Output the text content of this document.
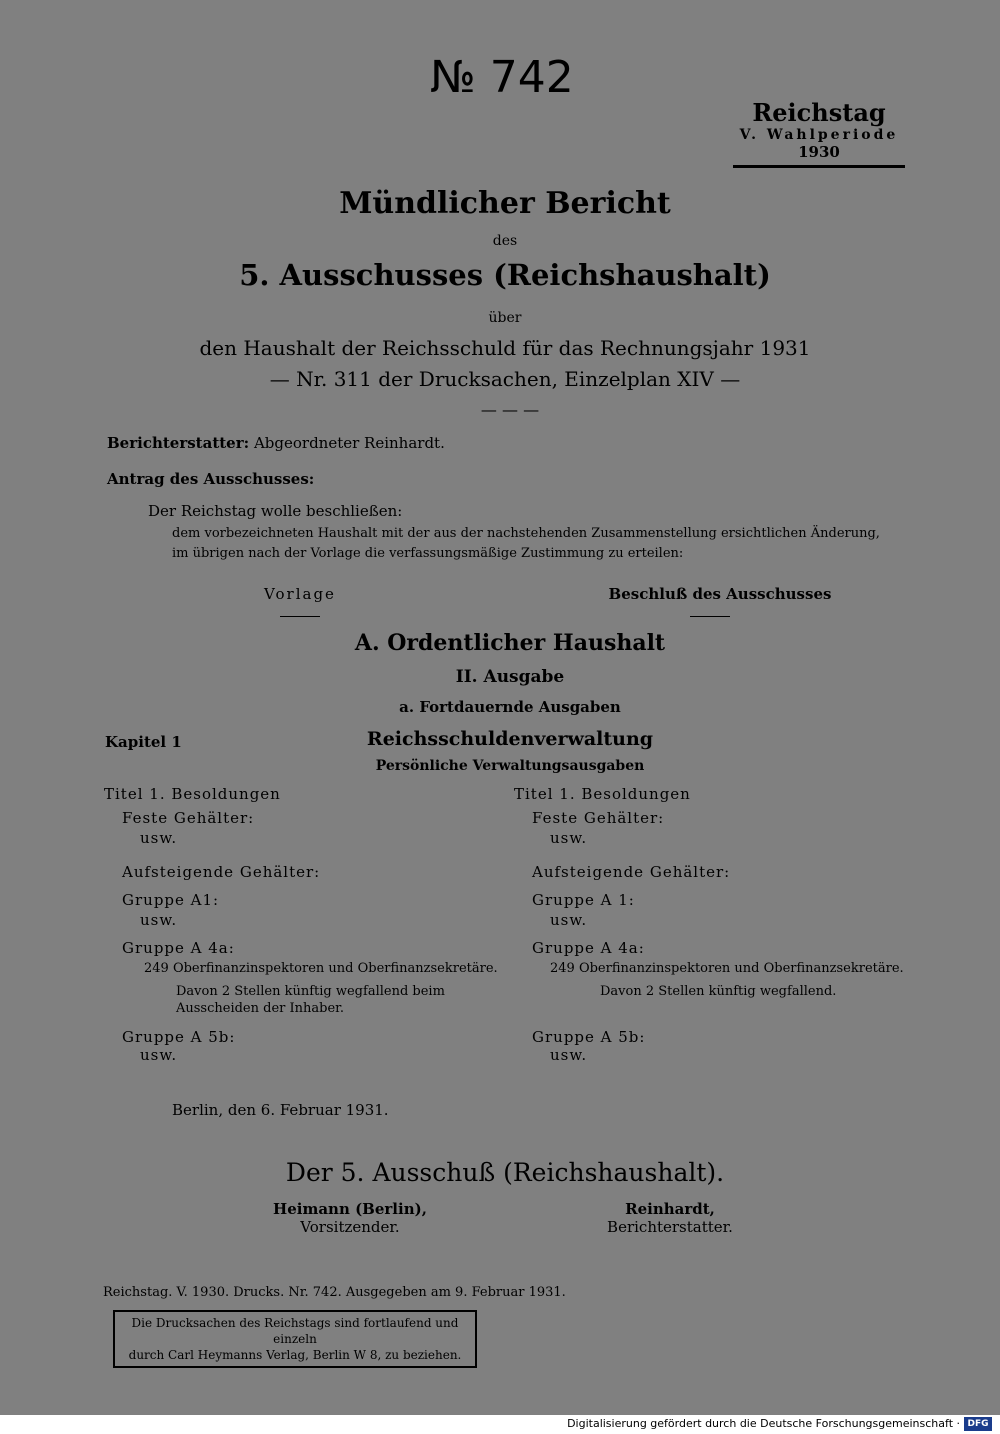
№ 742
Reichstag
V. Wahlperiode
1930
Mündlicher Bericht
des
5. Ausschusses (Reichshaushalt)
über
den Haushalt der Reichsschuld für das Rechnungsjahr 1931
— Nr. 311 der Drucksachen, Einzelplan XIV —
— — —
Berichterstatter: Abgeordneter Reinhardt.
Antrag des Ausschusses:
Der Reichstag wolle beschließen:
dem vorbezeichneten Haushalt mit der aus der nachstehenden Zusammenstellung ersichtlichen Änderung,
im übrigen nach der Vorlage die verfassungsmäßige Zustimmung zu erteilen:
Vorlage	Beschluß des Ausschusses
A. Ordentlicher Haushalt
II. Ausgabe
a. Fortdauernde Ausgaben
Kapitel 1	Reichsschuldenverwaltung
Persönliche Verwaltungsausgaben
Titel 1. Besoldungen
Feste Gehälter:
usw.
Aufsteigende Gehälter:
Gruppe A1:
usw.
Gruppe A 4a:
249 Oberfinanzinspektoren und Oberfinanzsekretäre.
Davon 2 Stellen künftig wegfallend beim
Ausscheiden der Inhaber.
Gruppe A 5b:
usw.
Titel 1. Besoldungen
Feste Gehälter:
usw.
Aufsteigende Gehälter:
Gruppe A 1:
usw.
Gruppe A 4a:
249 Oberfinanzinspektoren und Oberfinanzsekretäre.
Davon 2 Stellen künftig wegfallend.
Gruppe A 5b:
usw.
Berlin, den 6. Februar 1931.
Der 5. Ausschuß (Reichshaushalt).
Heimann (Berlin),
Vorsitzender.
Reinhardt,
Berichterstatter.
Reichstag. V. 1930. Drucks. Nr. 742. Ausgegeben am 9. Februar 1931.
Die Drucksachen des Reichstags sind fortlaufend und einzeln
durch Carl Heymanns Verlag, Berlin W 8, zu beziehen.
Digitalisierung gefördert durch die Deutsche Forschungsgemeinschaft · DFG
